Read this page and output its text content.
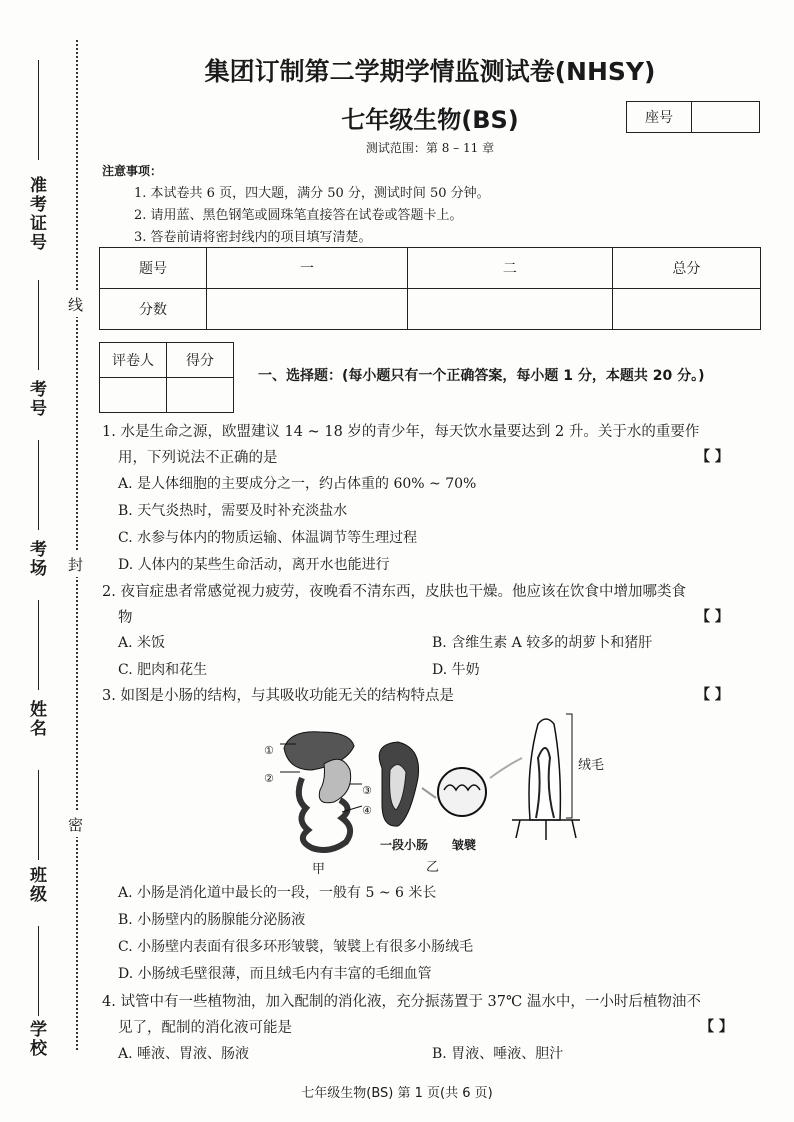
准考证号
考号
考场
姓名
班级
学校
线
封
密
集团订制第二学期学情监测试卷(NHSY)
七年级生物(BS)	座号
测试范围：第 8 – 11 章
注意事项：
1. 本试卷共 6 页，四大题，满分 50 分，测试时间 50 分钟。
2. 请用蓝、黑色钢笔或圆珠笔直接答在试卷或答题卡上。
3. 答卷前请将密封线内的项目填写清楚。
题号	一	二	总分
分数			
评卷人	得分

一、选择题：(每小题只有一个正确答案，每小题 1 分，本题共 20 分。)
1. 水是生命之源，欧盟建议 14 ~ 18 岁的青少年，每天饮水量要达到 2 升。关于水的重要作
用，下列说法不正确的是	【 】
A. 是人体细胞的主要成分之一，约占体重的 60% ~ 70%
B. 天气炎热时，需要及时补充淡盐水
C. 水参与体内的物质运输、体温调节等生理过程
D. 人体内的某些生命活动，离开水也能进行
2. 夜盲症患者常感觉视力疲劳，夜晚看不清东西，皮肤也干燥。他应该在饮食中增加哪类食
物	【 】
A. 米饭	B. 含维生素 A 较多的胡萝卜和猪肝
C. 肥肉和花生	D. 牛奶
3. 如图是小肠的结构，与其吸收功能无关的结构特点是	【 】
①
②
③
④
甲
一段小肠 皱襞
乙
绒毛
A. 小肠是消化道中最长的一段，一般有 5 ~ 6 米长
B. 小肠壁内的肠腺能分泌肠液
C. 小肠壁内表面有很多环形皱襞，皱襞上有很多小肠绒毛
D. 小肠绒毛壁很薄，而且绒毛内有丰富的毛细血管
4. 试管中有一些植物油，加入配制的消化液，充分振荡置于 37℃ 温水中，一小时后植物油不
见了，配制的消化液可能是	【 】
A. 唾液、胃液、肠液	B. 胃液、唾液、胆汁
七年级生物(BS) 第 1 页(共 6 页)
